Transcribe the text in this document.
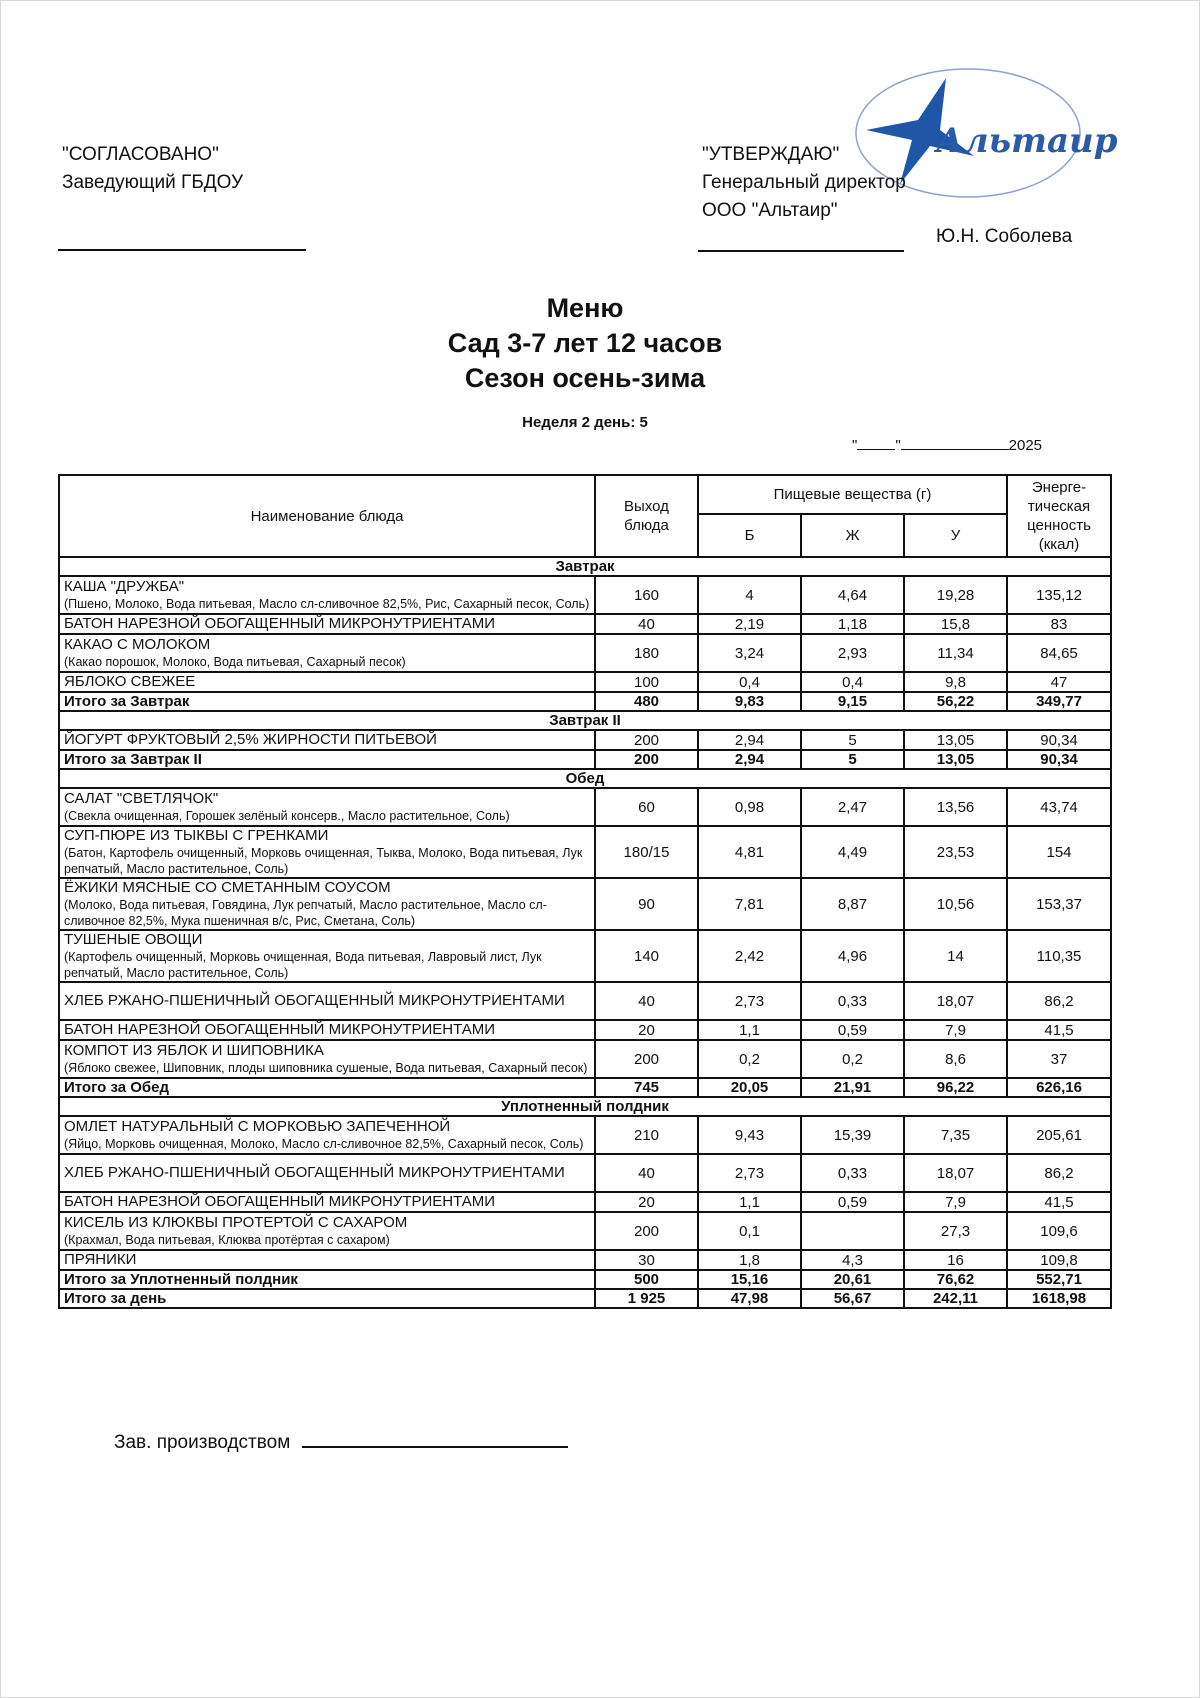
"СОГЛАСОВАНО"
Заведующий ГБДОУ
Альтаир
"УТВЕРЖДАЮ"
Генеральный директор
ООО "Альтаир"
Ю.Н. Соболева
Меню
Сад 3-7 лет 12 часов
Сезон осень-зима
Неделя 2 день: 5
"	"	2025
Наименование блюда	Выход блюда	Пищевые вещества (г)			Энерге- тическая ценность (ккал)
		Б	Ж	У	
Завтрак					

КАША "ДРУЖБА"
(Пшено, Молоко, Вода питьевая, Масло сл-сливочное 82,5%, Рис, Сахарный песок, Соль)	160	4	4,64	19,28	135,12

БАТОН НАРЕЗНОЙ ОБОГАЩЕННЫЙ МИКРОНУТРИЕНТАМИ	40	2,19	1,18	15,8	83

КАКАО С МОЛОКОМ
(Какао порошок, Молоко, Вода питьевая, Сахарный песок)	180	3,24	2,93	11,34	84,65

ЯБЛОКО СВЕЖЕЕ	100	0,4	0,4	9,8	47
Итого за Завтрак	480	9,83	9,15	56,22	349,77
Завтрак II					

ЙОГУРТ ФРУКТОВЫЙ 2,5% ЖИРНОСТИ ПИТЬЕВОЙ	200	2,94	5	13,05	90,34
Итого за Завтрак II	200	2,94	5	13,05	90,34
Обед					

САЛАТ "СВЕТЛЯЧОК"
(Свекла очищенная, Горошек зелёный консерв., Масло растительное, Соль)	60	0,98	2,47	13,56	43,74

СУП-ПЮРЕ ИЗ ТЫКВЫ С ГРЕНКАМИ
(Батон, Картофель очищенный, Морковь очищенная, Тыква, Молоко, Вода питьевая, Лук репчатый, Масло растительное, Соль)	180/15	4,81	4,49	23,53	154

ЁЖИКИ МЯСНЫЕ СО СМЕТАННЫМ СОУСОМ
(Молоко, Вода питьевая, Говядина, Лук репчатый, Масло растительное, Масло сл-сливочное 82,5%, Мука пшеничная в/с, Рис, Сметана, Соль)	90	7,81	8,87	10,56	153,37

ТУШЕНЫЕ ОВОЩИ
(Картофель очищенный, Морковь очищенная, Вода питьевая, Лавровый лист, Лук репчатый, Масло растительное, Соль)	140	2,42	4,96	14	110,35

ХЛЕБ РЖАНО-ПШЕНИЧНЫЙ ОБОГАЩЕННЫЙ МИКРОНУТРИЕНТАМИ	40	2,73	0,33	18,07	86,2

БАТОН НАРЕЗНОЙ ОБОГАЩЕННЫЙ МИКРОНУТРИЕНТАМИ	20	1,1	0,59	7,9	41,5

КОМПОТ ИЗ ЯБЛОК И ШИПОВНИКА
(Яблоко свежее, Шиповник, плоды шиповника сушеные, Вода питьевая, Сахарный песок)	200	0,2	0,2	8,6	37
Итого за Обед	745	20,05	21,91	96,22	626,16
Уплотненный полдник					

ОМЛЕТ НАТУРАЛЬНЫЙ С МОРКОВЬЮ ЗАПЕЧЕННОЙ
(Яйцо, Морковь очищенная, Молоко, Масло сл-сливочное 82,5%, Сахарный песок, Соль)	210	9,43	15,39	7,35	205,61

ХЛЕБ РЖАНО-ПШЕНИЧНЫЙ ОБОГАЩЕННЫЙ МИКРОНУТРИЕНТАМИ	40	2,73	0,33	18,07	86,2

БАТОН НАРЕЗНОЙ ОБОГАЩЕННЫЙ МИКРОНУТРИЕНТАМИ	20	1,1	0,59	7,9	41,5

КИСЕЛЬ ИЗ КЛЮКВЫ ПРОТЕРТОЙ С САХАРОМ
(Крахмал, Вода питьевая, Клюква протёртая с сахаром)	200	0,1		27,3	109,6

ПРЯНИКИ	30	1,8	4,3	16	109,8
Итого за Уплотненный полдник	500	15,16	20,61	76,62	552,71
Итого за день	1 925	47,98	56,67	242,11	1618,98
Зав. производством
